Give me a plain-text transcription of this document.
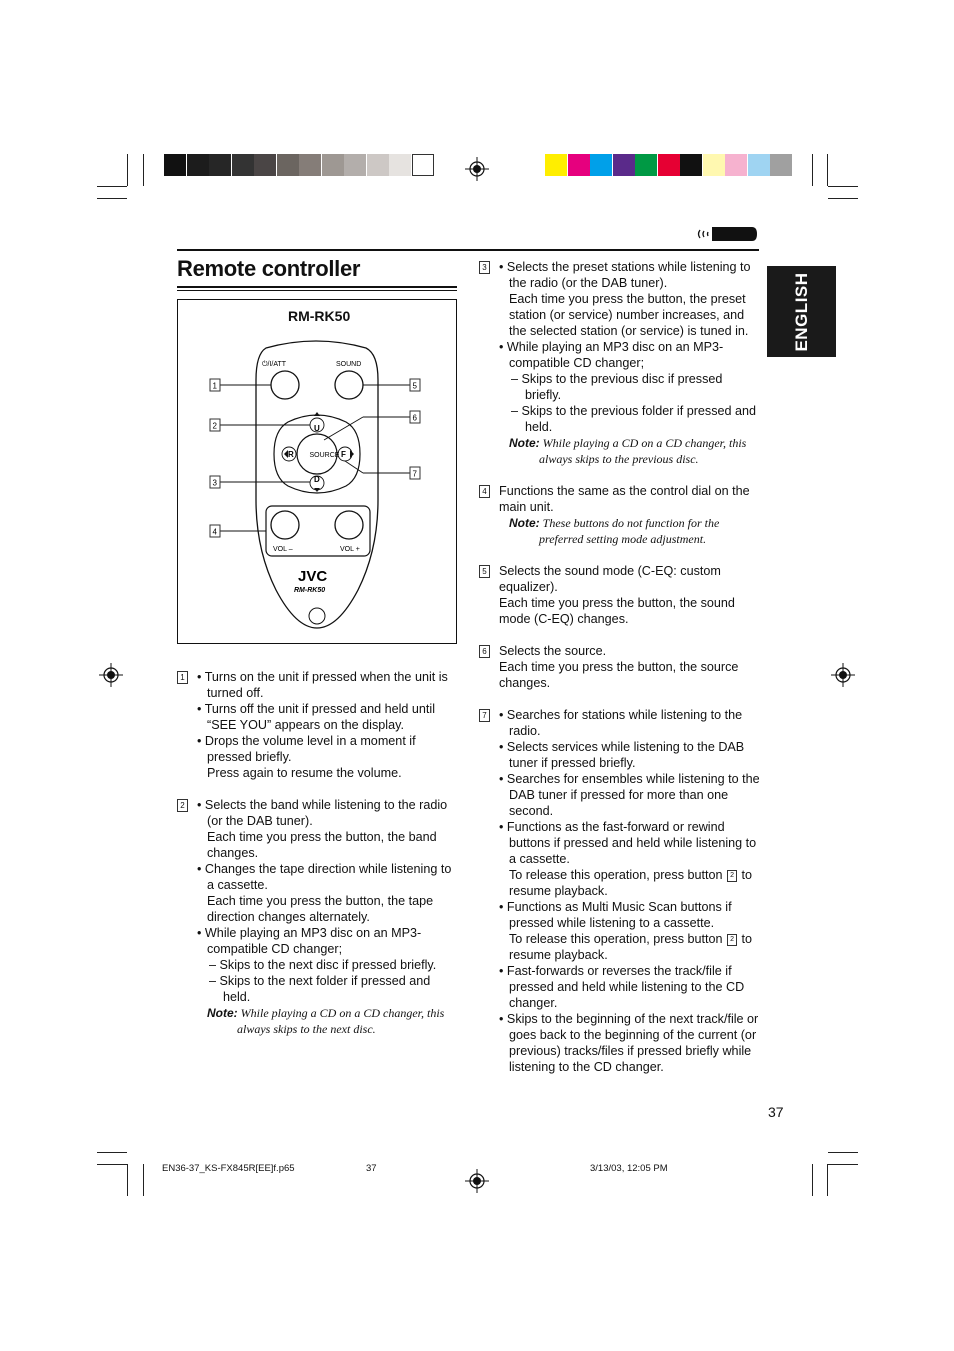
ENGLISH
Remote controller
RM-RK50
⏻/I/ATT	SOUND
SOURCE
U
D
R	F
VOL –	VOL +
JVC
RM-RK50
1
2
3
4
5
6
7
1	• Turns on the unit if pressed when the unit is turned off.
• Turns off the unit if pressed and held until “SEE YOU” appears on the display.
• Drops the volume level in a moment if pressed briefly.
Press again to resume the volume.
2	• Selects the band while listening to the radio (or the DAB tuner).
Each time you press the button, the band changes.
• Changes the tape direction while listening to a cassette.
Each time you press the button, the tape direction changes alternately.
• While playing an MP3 disc on an MP3-compatible CD changer;
– Skips to the next disc if pressed briefly.
– Skips to the next folder if pressed and held.
Note: While playing a CD on a CD changer, this always skips to the next disc.
3	• Selects the preset stations while listening to the radio (or the DAB tuner).
Each time you press the button, the preset station (or service) number increases, and the selected station (or service) is tuned in.
• While playing an MP3 disc on an MP3-compatible CD changer;
– Skips to the previous disc if pressed briefly.
– Skips to the previous folder if pressed and held.
Note: While playing a CD on a CD changer, this always skips to the previous disc.
4 Functions the same as the control dial on the main unit.
Note: These buttons do not function for the preferred setting mode adjustment.
5 Selects the sound mode (C-EQ: custom equalizer).
Each time you press the button, the sound mode (C-EQ) changes.
6 Selects the source.
Each time you press the button, the source changes.
7	• Searches for stations while listening to the radio.
• Selects services while listening to the DAB tuner if pressed briefly.
• Searches for ensembles while listening to the DAB tuner if pressed for more than one second.
• Functions as the fast-forward or rewind buttons if pressed and held while listening to a cassette.
To release this operation, press button 2 to resume playback.
• Functions as Multi Music Scan buttons if pressed while listening to a cassette.
To release this operation, press button 2 to resume playback.
• Fast-forwards or reverses the track/file if pressed and held while listening to the CD changer.
• Skips to the beginning of the next track/file or goes back to the beginning of the current (or previous) tracks/files if pressed briefly while listening to the CD changer.
37
EN36-37_KS-FX845R[EE]f.p65	37	3/13/03, 12:05 PM
